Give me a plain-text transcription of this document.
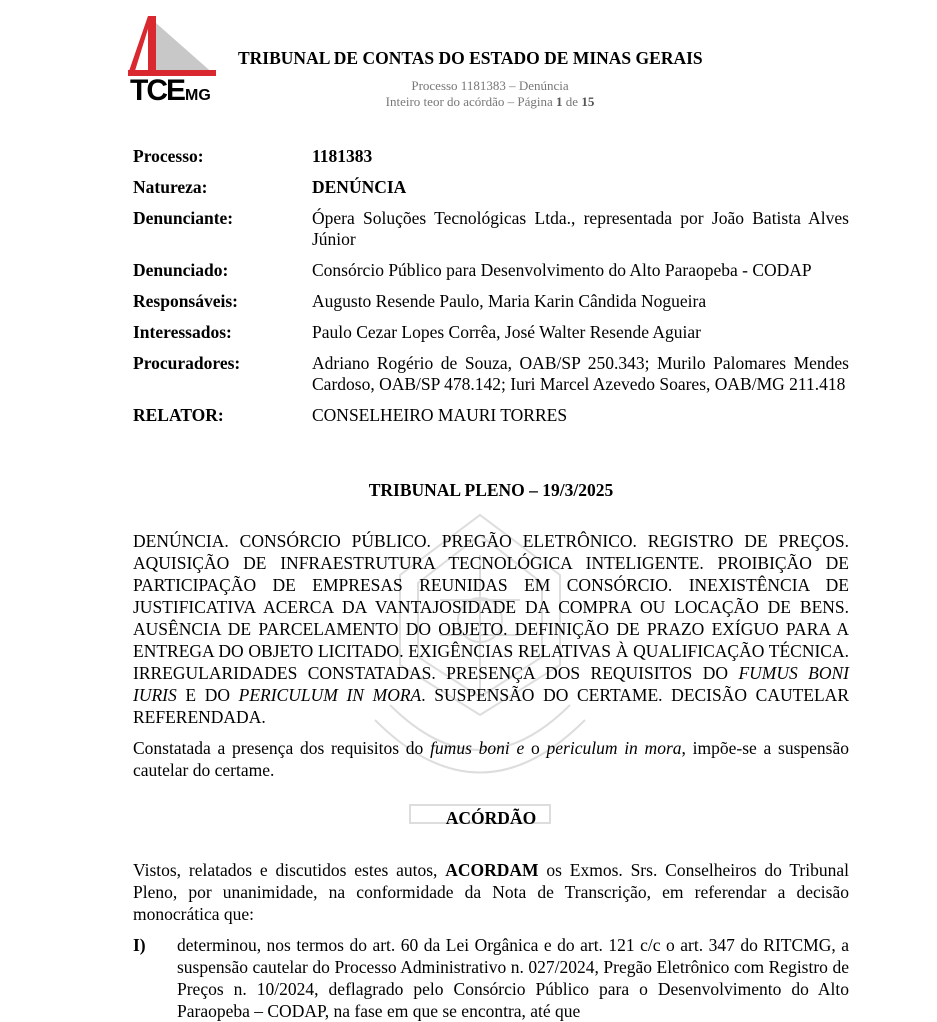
TCEMG
TRIBUNAL DE CONTAS DO ESTADO DE MINAS GERAIS
Processo 1181383 – Denúncia
Inteiro teor do acórdão – Página 1 de 15
Processo:	1181383
Natureza:	DENÚNCIA
Denunciante:	Ópera Soluções Tecnológicas Ltda., representada por João Batista Alves Júnior
Denunciado:	Consórcio Público para Desenvolvimento do Alto Paraopeba - CODAP
Responsáveis:	Augusto Resende Paulo, Maria Karin Cândida Nogueira
Interessados:	Paulo Cezar Lopes Corrêa, José Walter Resende Aguiar
Procuradores:	Adriano Rogério de Souza, OAB/SP 250.343; Murilo Palomares Mendes Cardoso, OAB/SP 478.142; Iuri Marcel Azevedo Soares, OAB/MG 211.418
RELATOR:	CONSELHEIRO MAURI TORRES
TRIBUNAL PLENO – 19/3/2025
DENÚNCIA. CONSÓRCIO PÚBLICO. PREGÃO ELETRÔNICO. REGISTRO DE PREÇOS. AQUISIÇÃO DE INFRAESTRUTURA TECNOLÓGICA INTELIGENTE. PROIBIÇÃO DE PARTICIPAÇÃO DE EMPRESAS REUNIDAS EM CONSÓRCIO. INEXISTÊNCIA DE JUSTIFICATIVA ACERCA DA VANTAJOSIDADE DA COMPRA OU LOCAÇÃO DE BENS. AUSÊNCIA DE PARCELAMENTO DO OBJETO. DEFINIÇÃO DE PRAZO EXÍGUO PARA A ENTREGA DO OBJETO LICITADO. EXIGÊNCIAS RELATIVAS À QUALIFICAÇÃO TÉCNICA. IRREGULARIDADES CONSTATADAS. PRESENÇA DOS REQUISITOS DO FUMUS BONI IURIS E DO PERICULUM IN MORA. SUSPENSÃO DO CERTAME. DECISÃO CAUTELAR REFERENDADA.
Constatada a presença dos requisitos do fumus boni e o periculum in mora, impõe-se a suspensão cautelar do certame.
ACÓRDÃO
Vistos, relatados e discutidos estes autos, ACORDAM os Exmos. Srs. Conselheiros do Tribunal Pleno, por unanimidade, na conformidade da Nota de Transcrição, em referendar a decisão monocrática que:
I)	determinou, nos termos do art. 60 da Lei Orgânica e do art. 121 c/c o art. 347 do RITCMG, a suspensão cautelar do Processo Administrativo n. 027/2024, Pregão Eletrônico com Registro de Preços n. 10/2024, deflagrado pelo Consórcio Público para o Desenvolvimento do Alto Paraopeba – CODAP, na fase em que se encontra, até que
